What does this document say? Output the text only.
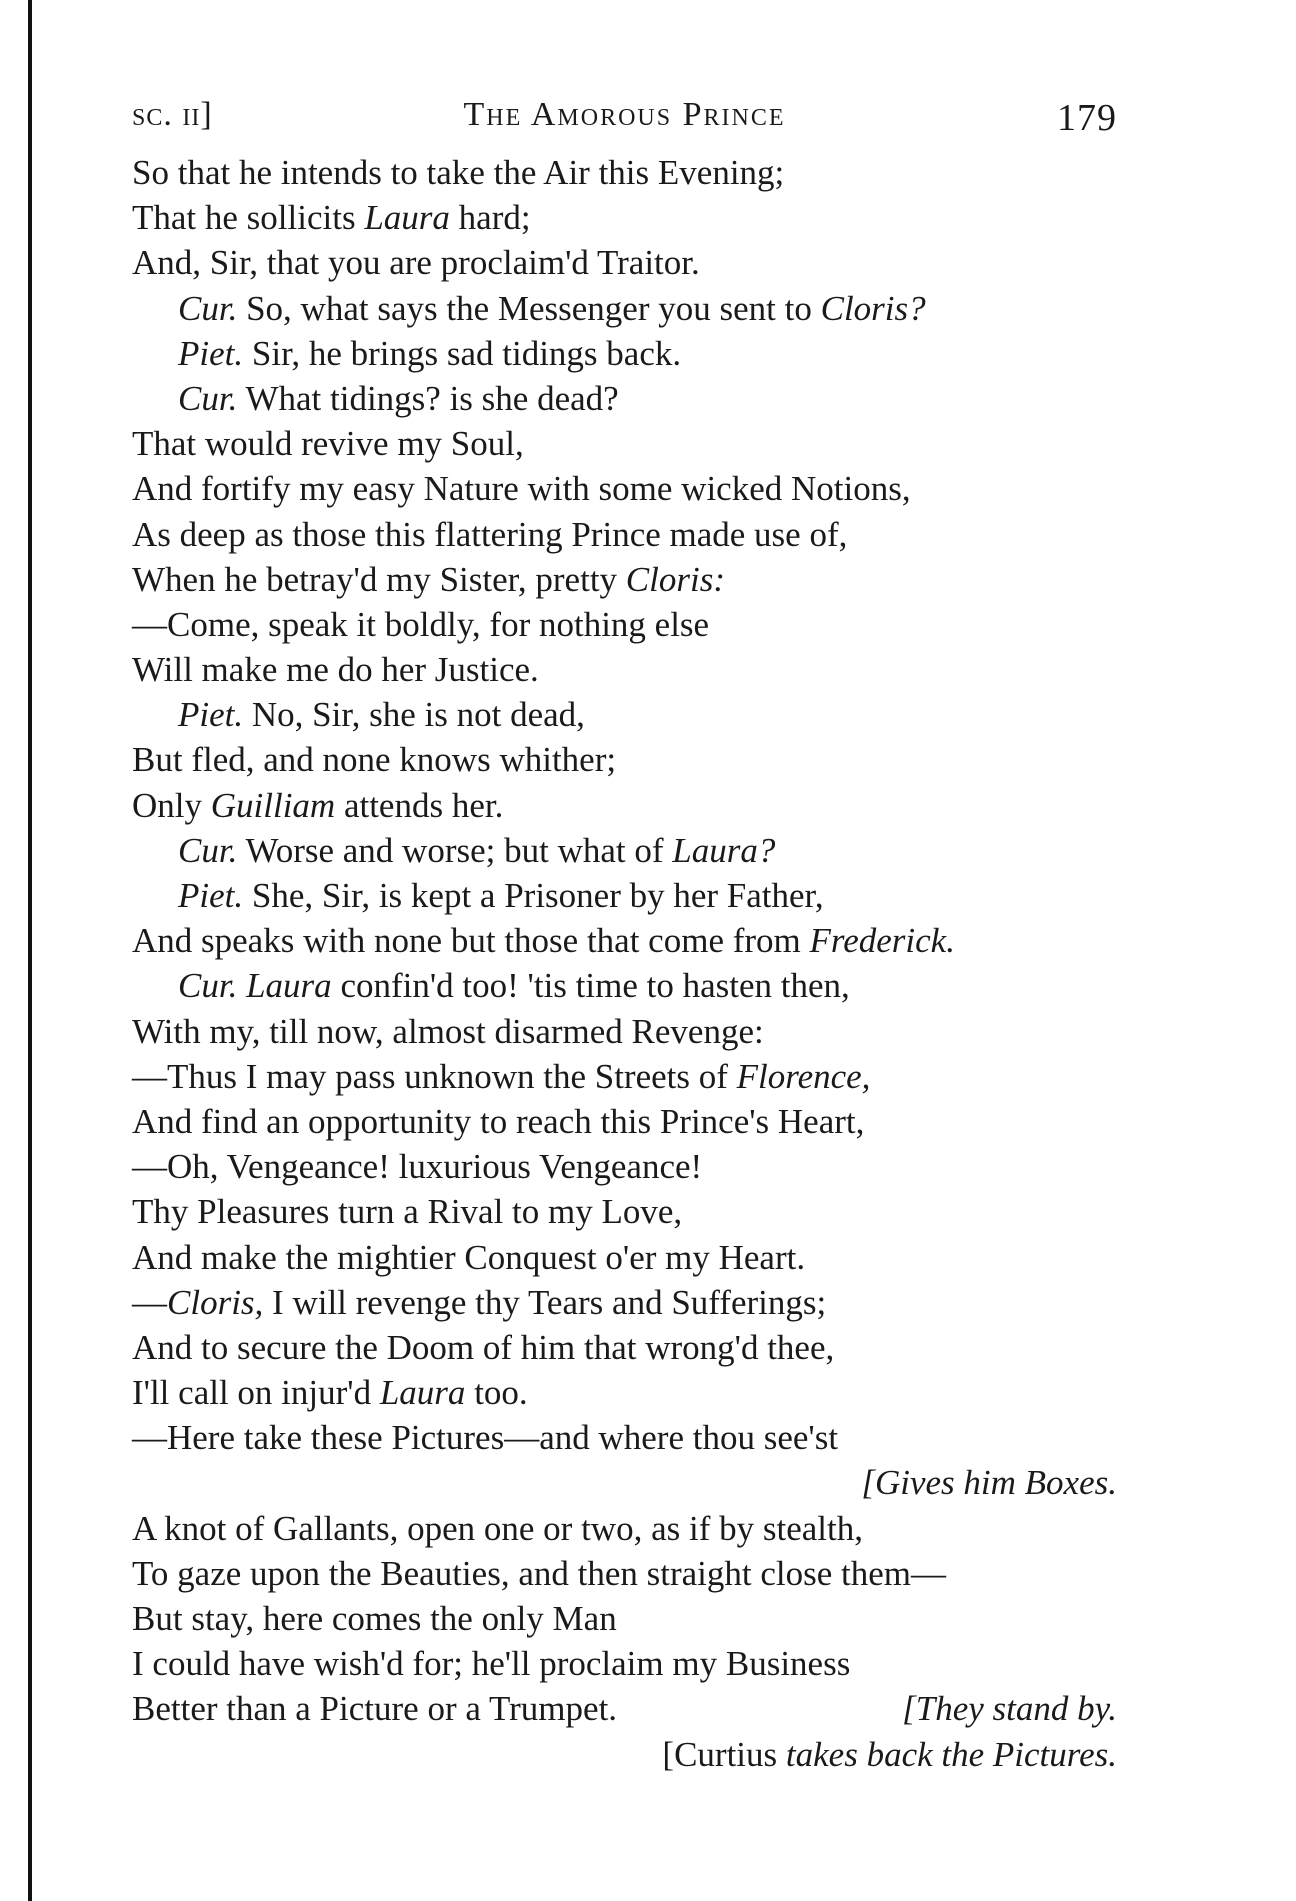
sc. ii]	The Amorous Prince	179
So that he intends to take the Air this Evening;
That he sollicits Laura hard;
And, Sir, that you are proclaim'd Traitor.
Cur. So, what says the Messenger you sent to Cloris?
Piet. Sir, he brings sad tidings back.
Cur. What tidings? is she dead?
That would revive my Soul,
And fortify my easy Nature with some wicked Notions,
As deep as those this flattering Prince made use of,
When he betray'd my Sister, pretty Cloris:
—Come, speak it boldly, for nothing else
Will make me do her Justice.
Piet. No, Sir, she is not dead,
But fled, and none knows whither;
Only Guilliam attends her.
Cur. Worse and worse; but what of Laura?
Piet. She, Sir, is kept a Prisoner by her Father,
And speaks with none but those that come from Frederick.
Cur. Laura confin'd too! 'tis time to hasten then,
With my, till now, almost disarmed Revenge:
—Thus I may pass unknown the Streets of Florence,
And find an opportunity to reach this Prince's Heart,
—Oh, Vengeance! luxurious Vengeance!
Thy Pleasures turn a Rival to my Love,
And make the mightier Conquest o'er my Heart.
—Cloris, I will revenge thy Tears and Sufferings;
And to secure the Doom of him that wrong'd thee,
I'll call on injur'd Laura too.
—Here take these Pictures—and where thou see'st
[Gives him Boxes.
A knot of Gallants, open one or two, as if by stealth,
To gaze upon the Beauties, and then straight close them—
But stay, here comes the only Man
I could have wish'd for; he'll proclaim my Business
Better than a Picture or a Trumpet.	[They stand by.
[Curtius takes back the Pictures.
